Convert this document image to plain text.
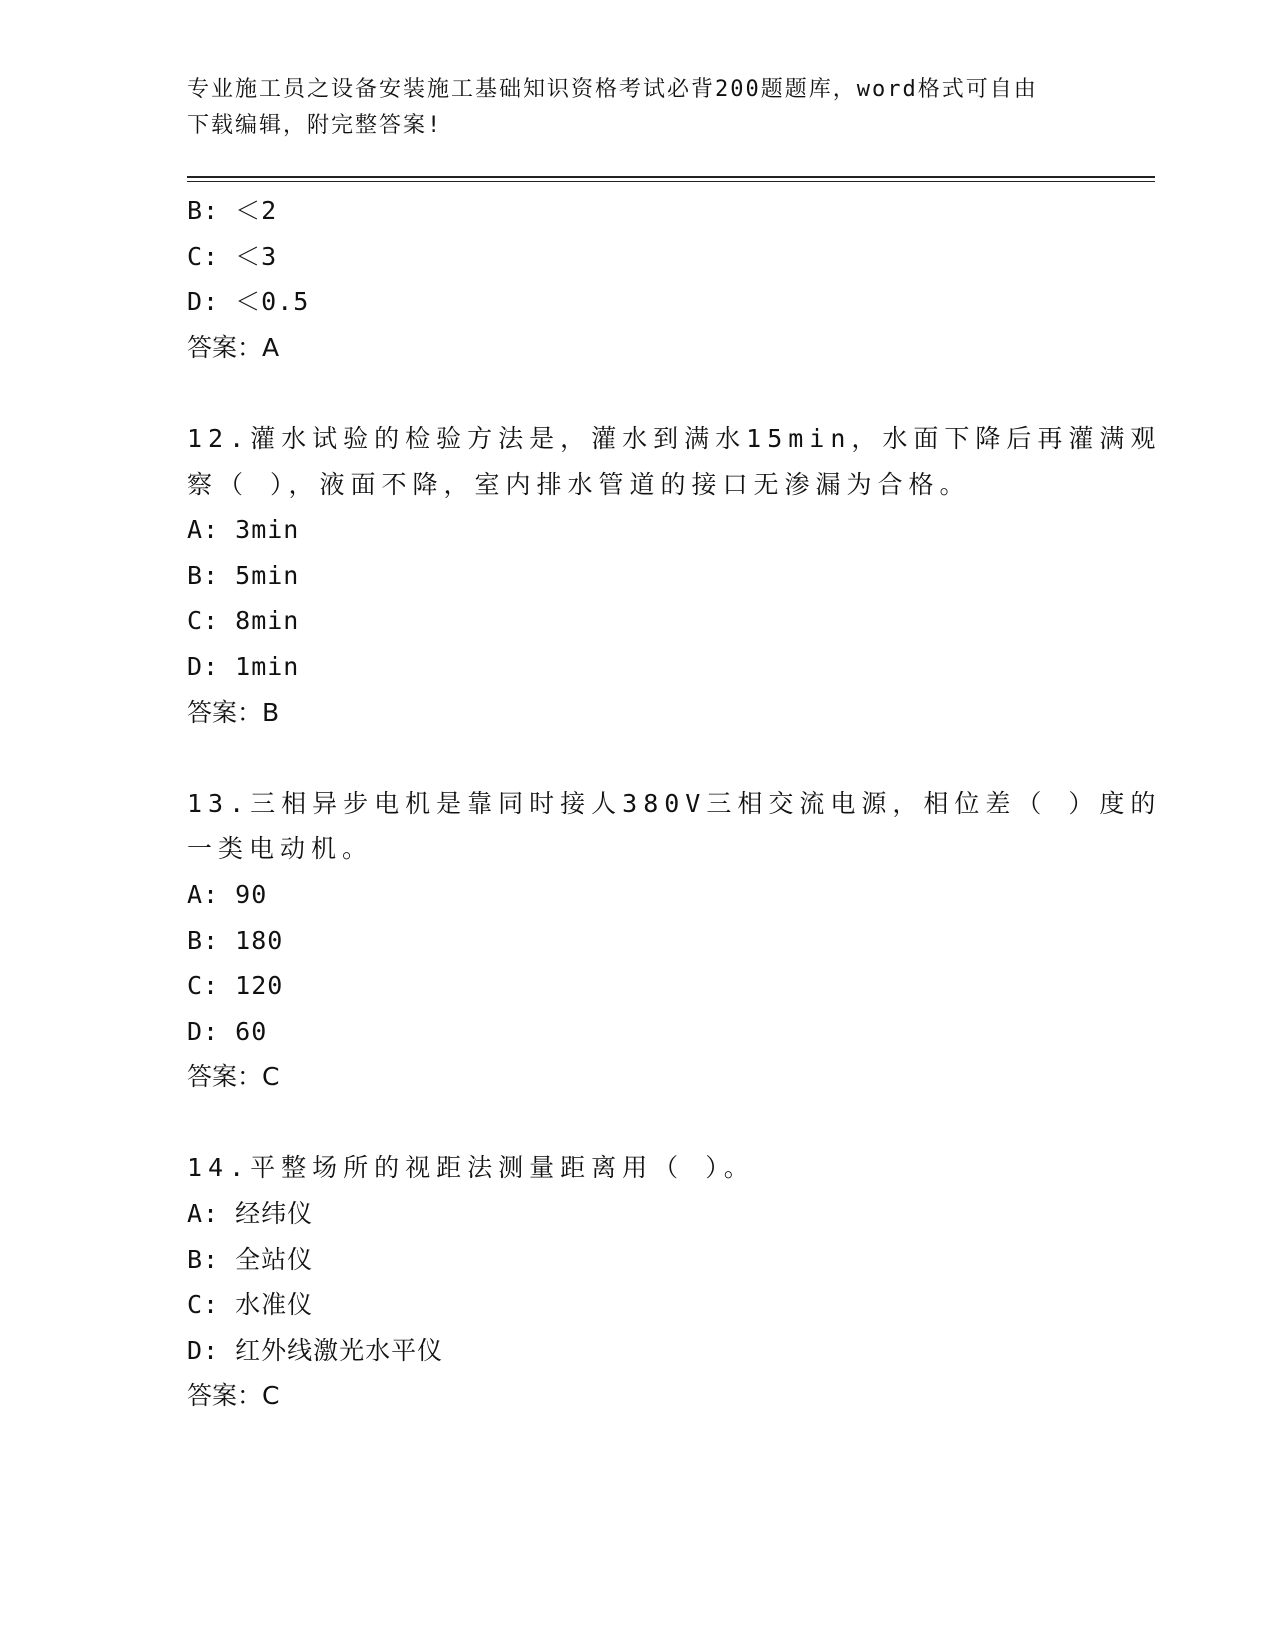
专业施工员之设备安装施工基础知识资格考试必背200题题库，word格式可自由
下载编辑，附完整答案!
B: ＜2
C: ＜3
D: ＜0.5
答案：A
12.灌水试验的检验方法是，灌水到满水15min，水面下降后再灌满观
察（ ），液面不降，室内排水管道的接口无渗漏为合格。
A: 3min
B: 5min
C: 8min
D: 1min
答案：B
13.三相异步电机是靠同时接人380V三相交流电源，相位差（ ）度的
一类电动机。
A: 90
B: 180
C: 120
D: 60
答案：C
14.平整场所的视距法测量距离用（ ）。
A: 经纬仪
B: 全站仪
C: 水准仪
D: 红外线激光水平仪
答案：C
